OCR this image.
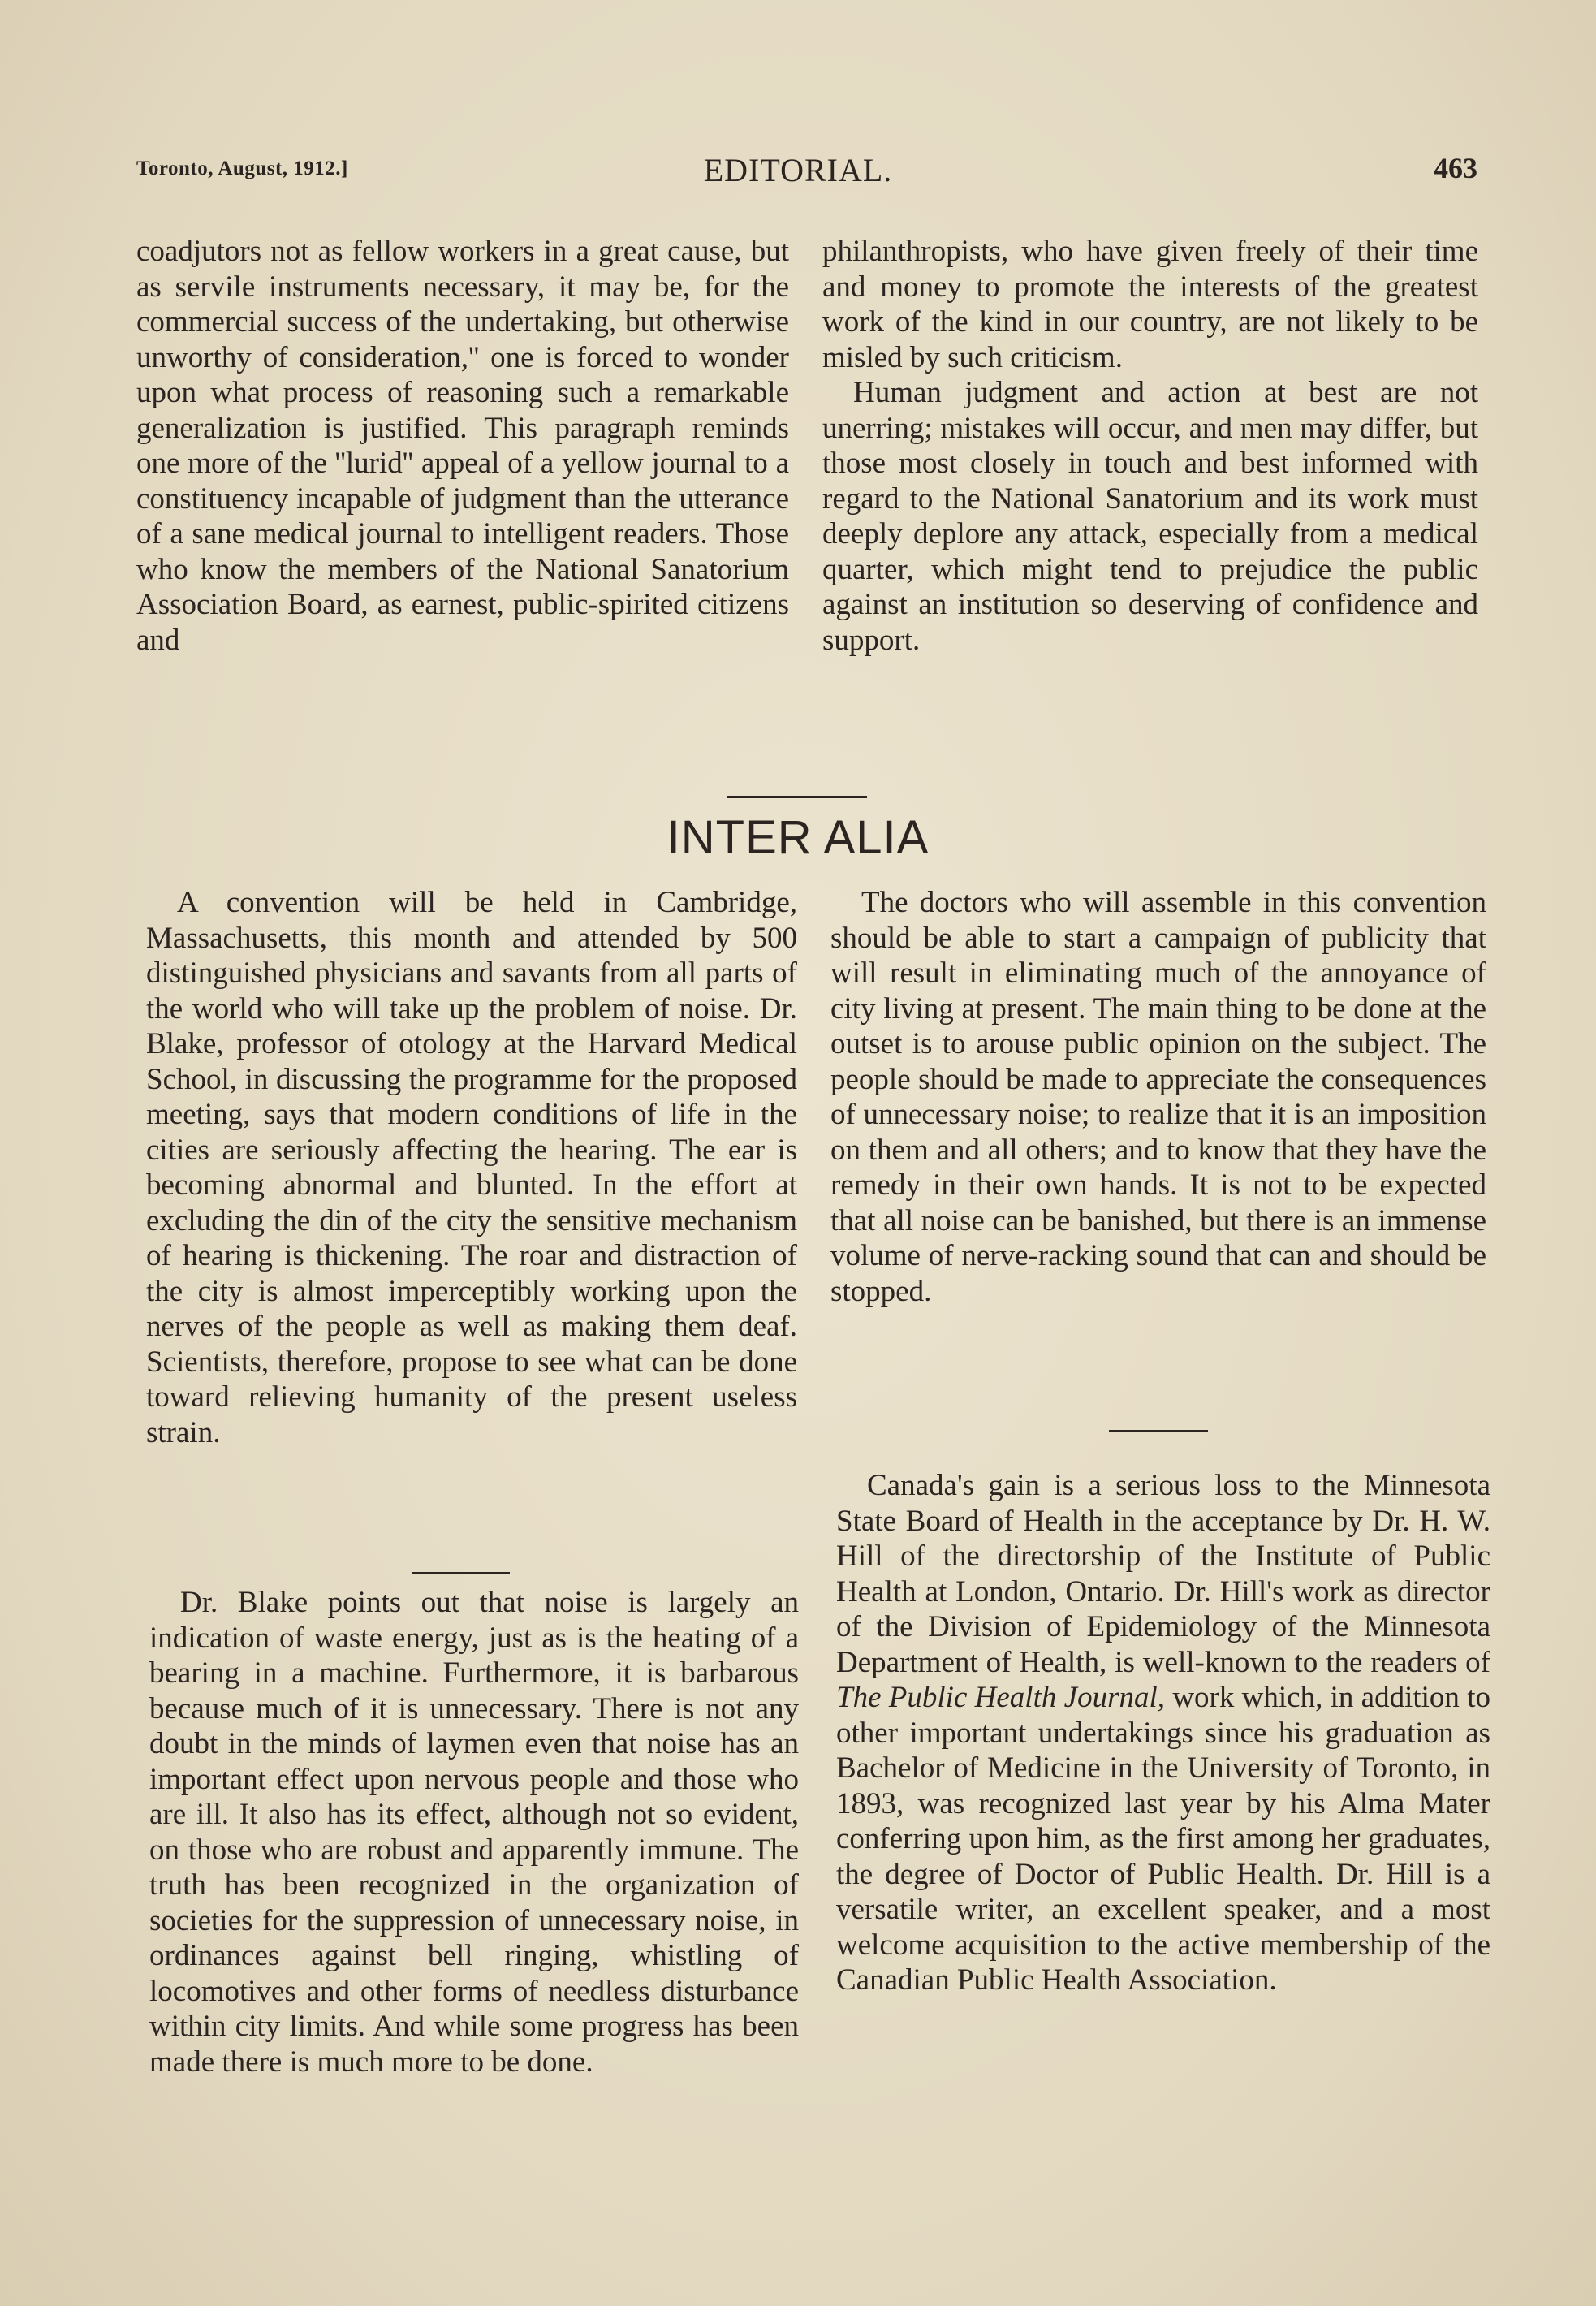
Toronto, August, 1912.]	EDITORIAL.	463

coadjutors not as fellow workers in a great cause, but as servile instruments necessary, it may be, for the commercial success of the undertaking, but otherwise unworthy of consideration,'' one is forced to wonder upon what process of reasoning such a remarkable generalization is justified. This paragraph reminds one more of the ''lurid'' appeal of a yellow journal to a constituency incapable of judgment than the utterance of a sane medical journal to intelligent readers. Those who know the members of the National Sanatorium Association Board, as earnest, public-spirited citizens and

philanthropists, who have given freely of their time and money to promote the interests of the greatest work of the kind in our country, are not likely to be misled by such criticism.

Human judgment and action at best are not unerring; mistakes will occur, and men may differ, but those most closely in touch and best informed with regard to the National Sanatorium and its work must deeply deplore any attack, especially from a medical quarter, which might tend to prejudice the public against an institution so deserving of confidence and support.

INTER ALIA

A convention will be held in Cambridge, Massachusetts, this month and attended by 500 distinguished physicians and savants from all parts of the world who will take up the problem of noise. Dr. Blake, professor of otology at the Harvard Medical School, in discussing the programme for the proposed meeting, says that modern conditions of life in the cities are seriously affecting the hearing. The ear is becoming abnormal and blunted. In the effort at excluding the din of the city the sensitive mechanism of hearing is thickening. The roar and distraction of the city is almost imperceptibly working upon the nerves of the people as well as making them deaf. Scientists, therefore, propose to see what can be done toward relieving humanity of the present useless strain.

The doctors who will assemble in this convention should be able to start a campaign of publicity that will result in eliminating much of the annoyance of city living at present. The main thing to be done at the outset is to arouse public opinion on the subject. The people should be made to appreciate the consequences of unnecessary noise; to realize that it is an imposition on them and all others; and to know that they have the remedy in their own hands. It is not to be expected that all noise can be banished, but there is an immense volume of nerve-racking sound that can and should be stopped.

Dr. Blake points out that noise is largely an indication of waste energy, just as is the heating of a bearing in a machine. Furthermore, it is barbarous because much of it is unnecessary. There is not any doubt in the minds of laymen even that noise has an important effect upon nervous people and those who are ill. It also has its effect, although not so evident, on those who are robust and apparently immune. The truth has been recognized in the organization of societies for the suppression of unnecessary noise, in ordinances against bell ringing, whistling of locomotives and other forms of needless disturbance within city limits. And while some progress has been made there is much more to be done.

Canada's gain is a serious loss to the Minnesota State Board of Health in the acceptance by Dr. H. W. Hill of the directorship of the Institute of Public Health at London, Ontario. Dr. Hill's work as director of the Division of Epidemiology of the Minnesota Department of Health, is well-known to the readers of The Public Health Journal, work which, in addition to other important undertakings since his graduation as Bachelor of Medicine in the University of Toronto, in 1893, was recognized last year by his Alma Mater conferring upon him, as the first among her graduates, the degree of Doctor of Public Health. Dr. Hill is a versatile writer, an excellent speaker, and a most welcome acquisition to the active membership of the Canadian Public Health Association.
